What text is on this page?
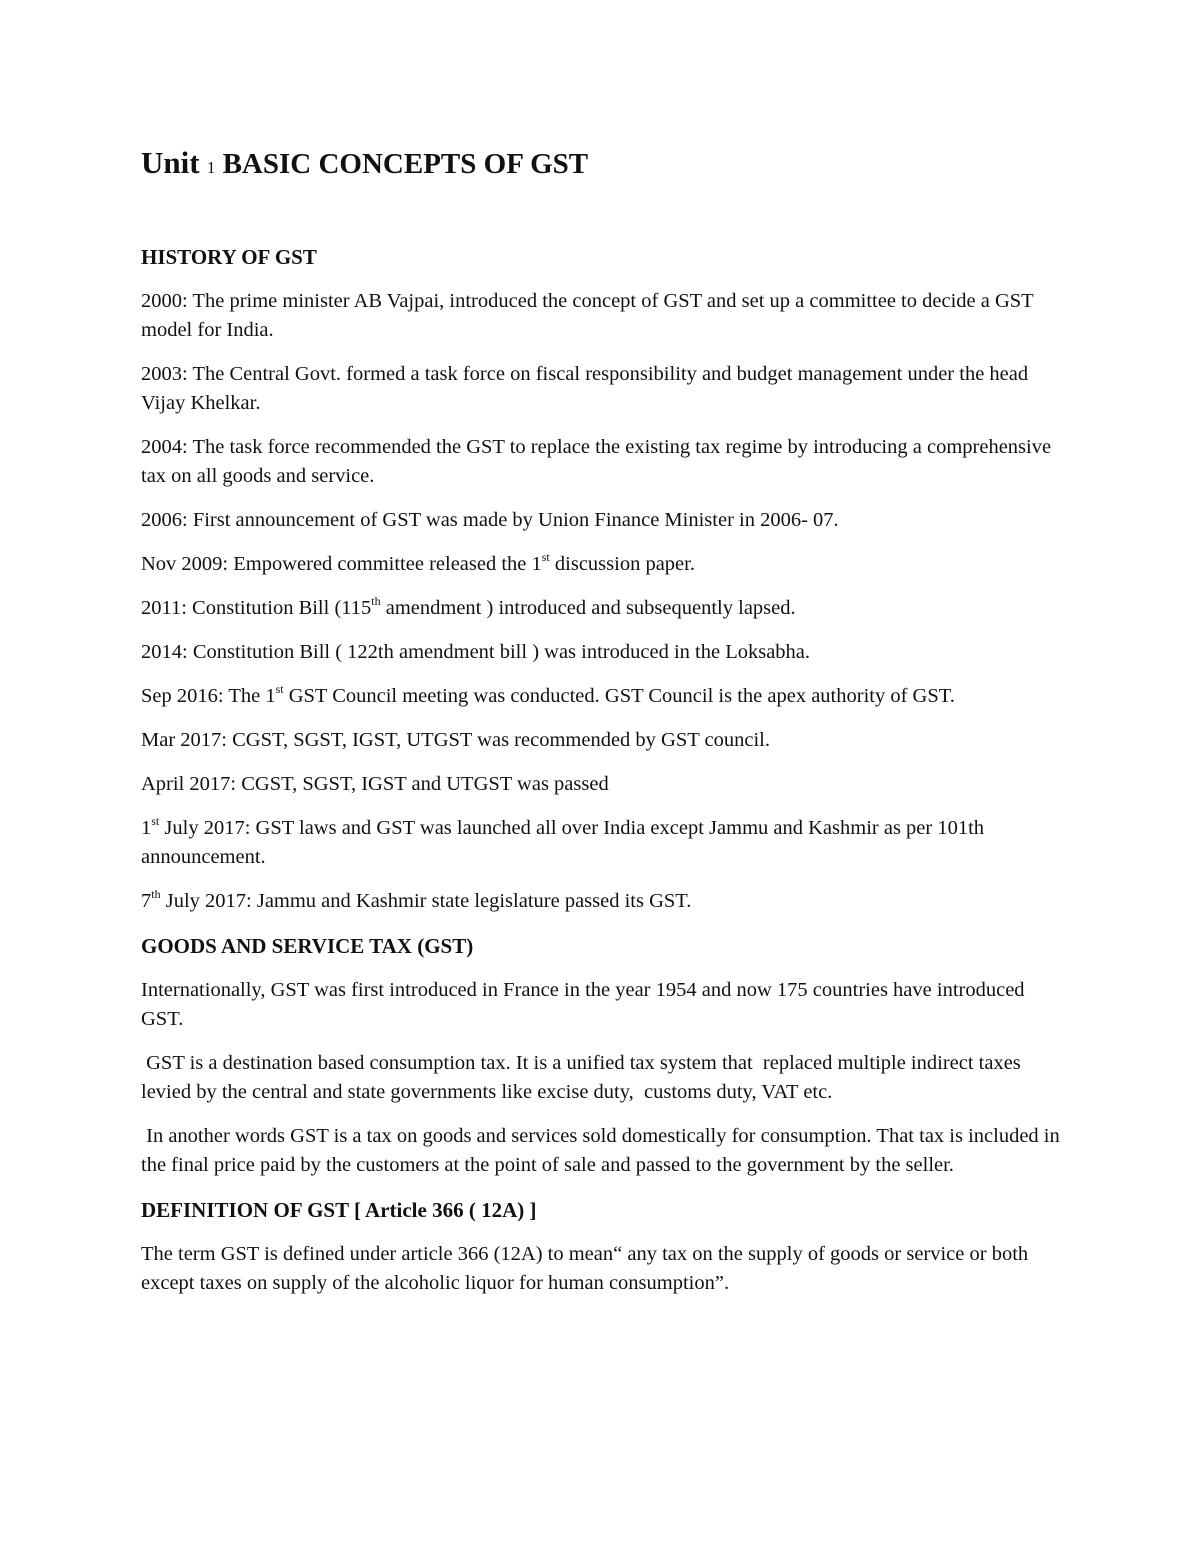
Unit 1 BASIC CONCEPTS OF GST
HISTORY OF GST
2000: The prime minister AB Vajpai, introduced the concept of GST and set up a committee to decide a GST model for India.
2003: The Central Govt. formed a task force on fiscal responsibility and budget management under the head Vijay Khelkar.
2004: The task force recommended the GST to replace the existing tax regime by introducing a comprehensive tax on all goods and service.
2006: First announcement of GST was made by Union Finance Minister in 2006- 07.
Nov 2009: Empowered committee released the 1st discussion paper.
2011: Constitution Bill (115th amendment ) introduced and subsequently lapsed.
2014: Constitution Bill ( 122th amendment bill ) was introduced in the Loksabha.
Sep 2016: The 1st GST Council meeting was conducted. GST Council is the apex authority of GST.
Mar 2017: CGST, SGST, IGST, UTGST was recommended by GST council.
April 2017: CGST, SGST, IGST and UTGST was passed
1st July 2017: GST laws and GST was launched all over India except Jammu and Kashmir as per 101th announcement.
7th July 2017: Jammu and Kashmir state legislature passed its GST.
GOODS AND SERVICE TAX (GST)
Internationally, GST was first introduced in France in the year 1954 and now 175 countries have introduced GST.
GST is a destination based consumption tax. It is a unified tax system that  replaced multiple indirect taxes levied by the central and state governments like excise duty,  customs duty, VAT etc.
In another words GST is a tax on goods and services sold domestically for consumption. That tax is included in the final price paid by the customers at the point of sale and passed to the government by the seller.
DEFINITION OF GST [ Article 366 ( 12A) ]
The term GST is defined under article 366 (12A) to mean“ any tax on the supply of goods or service or both except taxes on supply of the alcoholic liquor for human consumption”.
